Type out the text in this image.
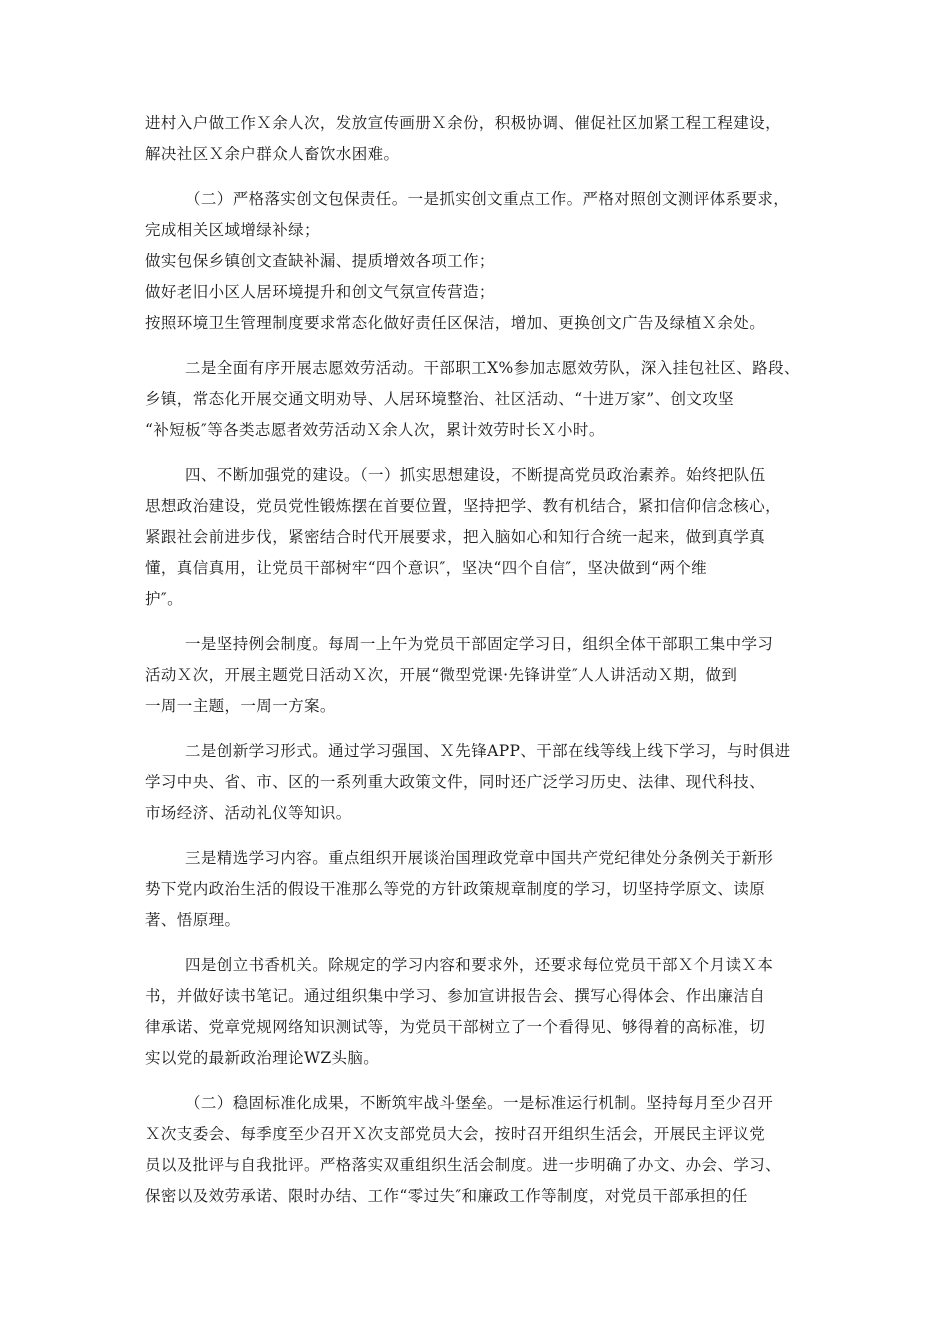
进村入户做工作Ｘ余人次，发放宣传画册Ｘ余份，积极协调、催促社区加紧工程工程建设，
解决社区Ｘ余户群众人畜饮水困难。
（二）严格落实创文包保责任。一是抓实创文重点工作。严格对照创文测评体系要求，
完成相关区域增绿补绿；
做实包保乡镇创文查缺补漏、提质增效各项工作；
做好老旧小区人居环境提升和创文气氛宣传营造；
按照环境卫生管理制度要求常态化做好责任区保洁，增加、更换创文广告及绿植Ｘ余处。
二是全面有序开展志愿效劳活动。干部职工X%参加志愿效劳队，深入挂包社区、路段、
乡镇，常态化开展交通文明劝导、人居环境整治、社区活动、“十进万家”、创文攻坚
“补短板″等各类志愿者效劳活动Ｘ余人次，累计效劳时长Ｘ小时。
四、不断加强党的建设。（一）抓实思想建设，不断提高党员政治素养。始终把队伍
思想政治建设，党员党性锻炼摆在首要位置，坚持把学、教有机结合，紧扣信仰信念核心，
紧跟社会前进步伐，紧密结合时代开展要求，把入脑如心和知行合统一起来，做到真学真
懂，真信真用，让党员干部树牢“四个意识″，坚决“四个自信″，坚决做到“两个维
护″。
一是坚持例会制度。每周一上午为党员干部固定学习日，组织全体干部职工集中学习
活动Ｘ次，开展主题党日活动Ｘ次，开展“微型党课·先锋讲堂″人人讲活动Ｘ期，做到
一周一主题，一周一方案。
二是创新学习形式。通过学习强国、Ｘ先锋APP、干部在线等线上线下学习，与时俱进
学习中央、省、市、区的一系列重大政策文件，同时还广泛学习历史、法律、现代科技、
市场经济、活动礼仪等知识。
三是精选学习内容。重点组织开展谈治国理政党章中国共产党纪律处分条例关于新形
势下党内政治生活的假设干准那么等党的方针政策规章制度的学习，切坚持学原文、读原
著、悟原理。
四是创立书香机关。除规定的学习内容和要求外，还要求每位党员干部Ｘ个月读Ｘ本
书，并做好读书笔记。通过组织集中学习、参加宣讲报告会、撰写心得体会、作出廉洁自
律承诺、党章党规网络知识测试等，为党员干部树立了一个看得见、够得着的高标准，切
实以党的最新政治理论WZ头脑。
（二）稳固标准化成果，不断筑牢战斗堡垒。一是标准运行机制。坚持每月至少召开
Ｘ次支委会、每季度至少召开Ｘ次支部党员大会，按时召开组织生活会，开展民主评议党
员以及批评与自我批评。严格落实双重组织生活会制度。进一步明确了办文、办会、学习、
保密以及效劳承诺、限时办结、工作“零过失″和廉政工作等制度，对党员干部承担的任
